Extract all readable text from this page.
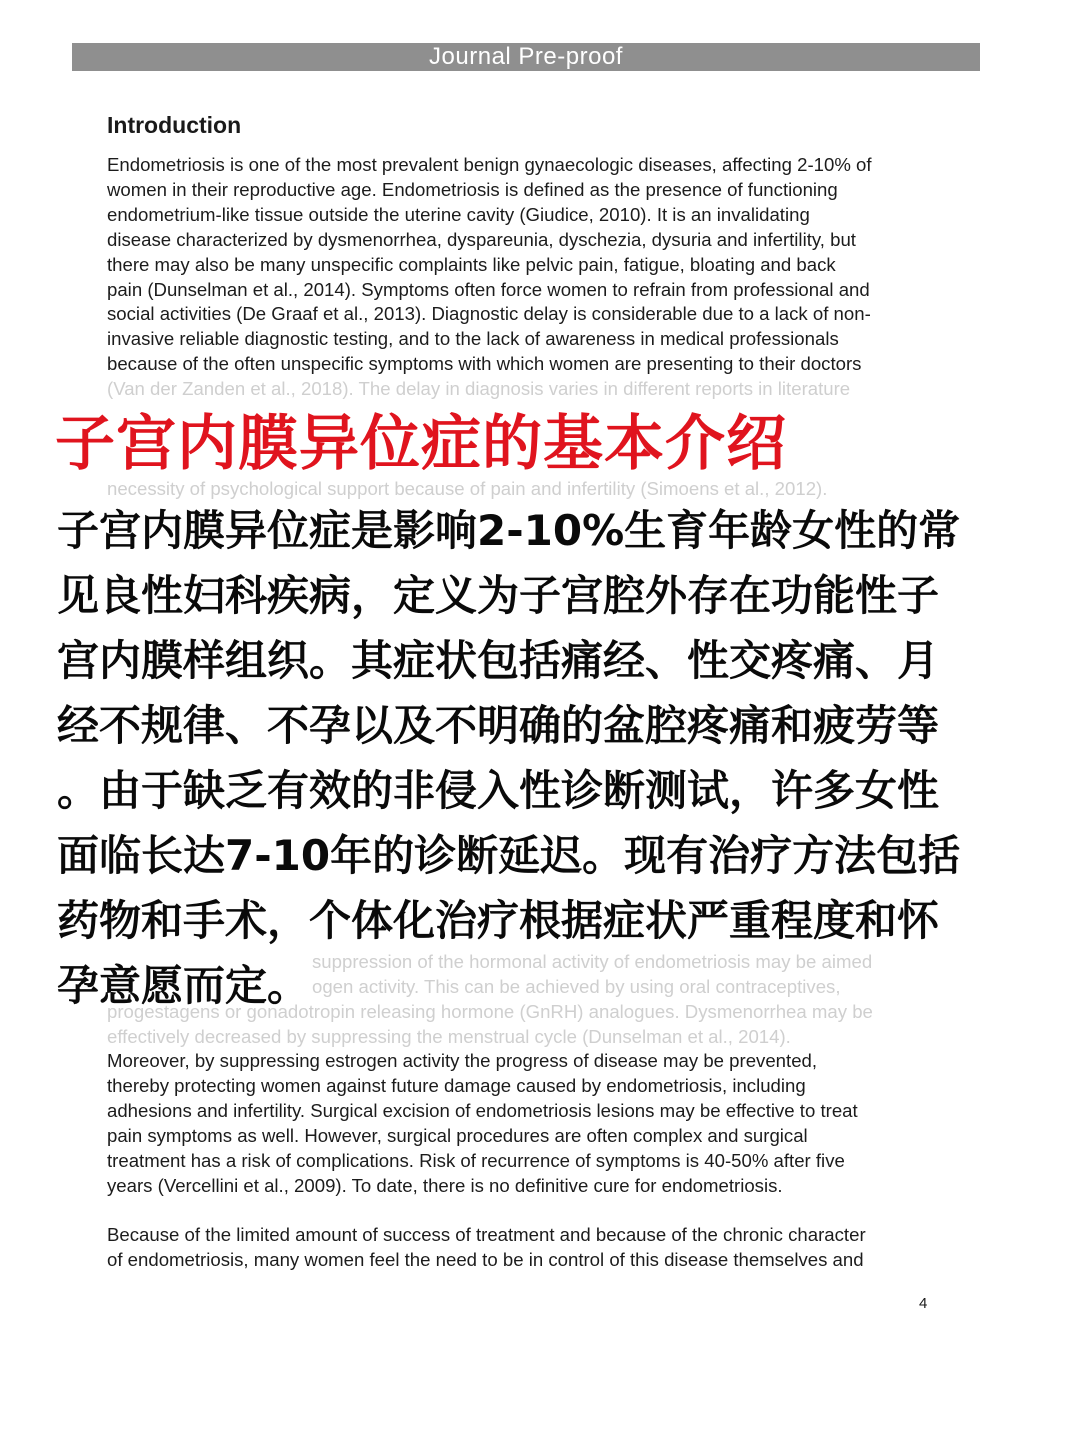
Journal Pre-proof
Introduction

Endometriosis is one of the most prevalent benign gynaecologic diseases, affecting 2-10% of
women in their reproductive age. Endometriosis is defined as the presence of functioning
endometrium-like tissue outside the uterine cavity (Giudice, 2010). It is an invalidating
disease characterized by dysmenorrhea, dyspareunia, dyschezia, dysuria and infertility, but
there may also be many unspecific complaints like pelvic pain, fatigue, bloating and back
pain (Dunselman et al., 2014). Symptoms often force women to refrain from professional and
social activities (De Graaf et al., 2013). Diagnostic delay is considerable due to a lack of non-
invasive reliable diagnostic testing, and to the lack of awareness in medical professionals
because of the often unspecific symptoms with which women are presenting to their doctors

(Van der Zanden et al., 2018). The delay in diagnosis varies in different reports in literature

necessity of psychological support because of pain and infertility (Simoens et al., 2012).

suppression of the hormonal activity of endometriosis may be aimed
ogen activity. This can be achieved by using oral contraceptives,
progestagens or gonadotropin releasing hormone (GnRH) analogues. Dysmenorrhea may be
effectively decreased by suppressing the menstrual cycle (Dunselman et al., 2014).

Moreover, by suppressing estrogen activity the progress of disease may be prevented,
thereby protecting women against future damage caused by endometriosis, including
adhesions and infertility. Surgical excision of endometriosis lesions may be effective to treat
pain symptoms as well. However, surgical procedures are often complex and surgical
treatment has a risk of complications. Risk of recurrence of symptoms is 40-50% after five
years (Vercellini et al., 2009). To date, there is no definitive cure for endometriosis.

Because of the limited amount of success of treatment and because of the chronic character
of endometriosis, many women feel the need to be in control of this disease themselves and

子宫内膜异位症的基本介绍

子宫内膜异位症是影响2-10%生育年龄女性的常
见良性妇科疾病，定义为子宫腔外存在功能性子
宫内膜样组织。其症状包括痛经、性交疼痛、月
经不规律、不孕以及不明确的盆腔疼痛和疲劳等
。由于缺乏有效的非侵入性诊断测试，许多女性
面临长达7-10年的诊断延迟。现有治疗方法包括
药物和手术，个体化治疗根据症状严重程度和怀
孕意愿而定。

4
